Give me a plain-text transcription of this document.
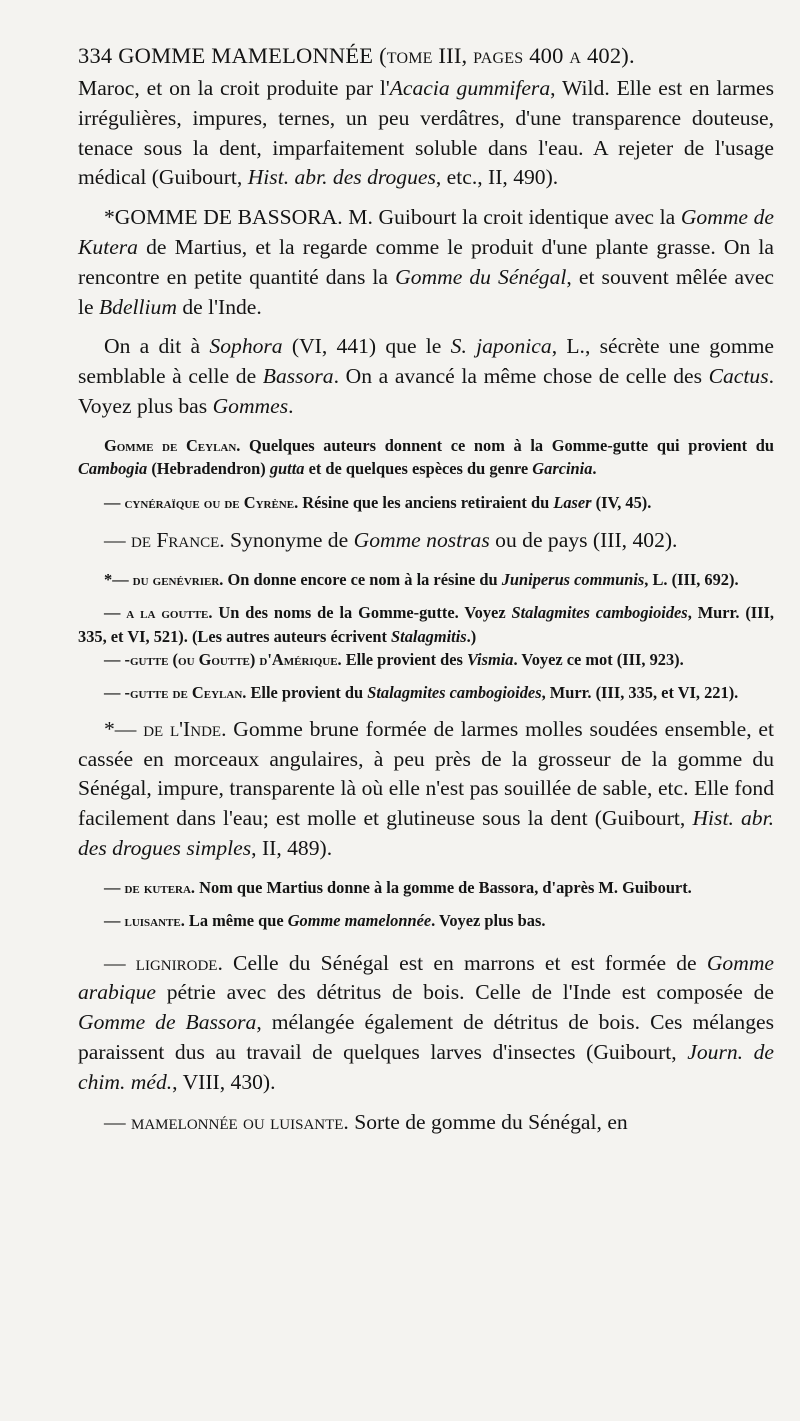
334 GOMME MAMELONNÉE (tome III, pages 400 a 402).

Maroc, et on la croit produite par l'Acacia gummifera, Wild. Elle est en larmes irrégulières, impures, ternes, un peu verdâtres, d'une transparence douteuse, tenace sous la dent, imparfaitement soluble dans l'eau. A rejeter de l'usage médical (Guibourt, Hist. abr. des drogues, etc., II, 490).

*GOMME DE BASSORA. M. Guibourt la croit identique avec la Gomme de Kutera de Martius, et la regarde comme le produit d'une plante grasse. On la rencontre en petite quantité dans la Gomme du Sénégal, et souvent mêlée avec le Bdellium de l'Inde.

On a dit à Sophora (VI, 441) que le S. japonica, L., sécrète une gomme semblable à celle de Bassora. On a avancé la même chose de celle des Cactus. Voyez plus bas Gommes.

Gomme de Ceylan. Quelques auteurs donnent ce nom à la Gomme-gutte qui provient du Cambogia (Hebradendron) gutta et de quelques espèces du genre Garcinia.

— cynéraïque ou de Cyrène. Résine que les anciens retiraient du Laser (IV, 45).

— de France. Synonyme de Gomme nostras ou de pays (III, 402).

*— du genévrier. On donne encore ce nom à la résine du Juniperus communis, L. (III, 692).

— a la goutte. Un des noms de la Gomme-gutte. Voyez Stalagmites cambogioides, Murr. (III, 335, et VI, 521). (Les autres auteurs écrivent Stalagmitis.)

— -gutte (ou Goutte) d'Amérique. Elle provient des Vismia. Voyez ce mot (III, 923).

— -gutte de Ceylan. Elle provient du Stalagmites cambogioides, Murr. (III, 335, et VI, 221).

*— de l'Inde. Gomme brune formée de larmes molles soudées ensemble, et cassée en morceaux angulaires, à peu près de la grosseur de la gomme du Sénégal, impure, transparente là où elle n'est pas souillée de sable, etc. Elle fond facilement dans l'eau; est molle et glutineuse sous la dent (Guibourt, Hist. abr. des drogues simples, II, 489).

— de kutera. Nom que Martius donne à la gomme de Bassora, d'après M. Guibourt.

— luisante. La même que Gomme mamelonnée. Voyez plus bas.

— lignirode. Celle du Sénégal est en marrons et est formée de Gomme arabique pétrie avec des détritus de bois. Celle de l'Inde est composée de Gomme de Bassora, mélangée également de détritus de bois. Ces mélanges paraissent dus au travail de quelques larves d'insectes (Guibourt, Journ. de chim. méd., VIII, 430).

— mamelonnée ou luisante. Sorte de gomme du Sénégal, en
